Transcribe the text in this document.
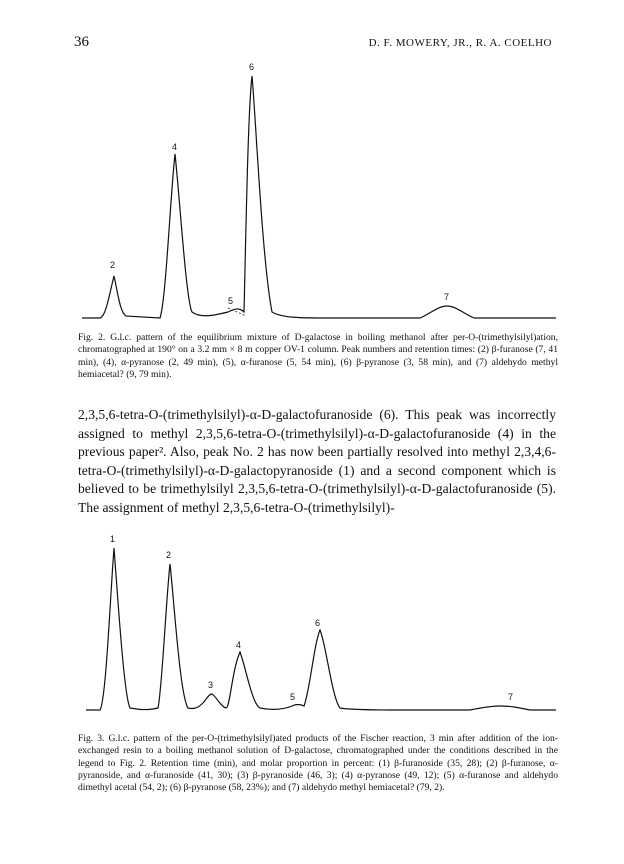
36	D. F. MOWERY, JR., R. A. COELHO
2
4
5
6
7
Fig. 2. G.l.c. pattern of the equilibrium mixture of D-galactose in boiling methanol after per-O-(trimethylsilyl)ation, chromatographed at 190° on a 3.2 mm × 8 m copper OV-1 column. Peak numbers and retention times: (2) β-furanose (7, 41 min), (4), α-pyranose (2, 49 min), (5), α-furanose (5, 54 min), (6) β-pyranose (3, 58 min), and (7) aldehydo methyl hemiacetal? (9, 79 min).

2,3,5,6-tetra-O-(trimethylsilyl)-α-D-galactofuranoside (6). This peak was incorrectly assigned to methyl 2,3,5,6-tetra-O-(trimethylsilyl)-α-D-galactofuranoside (4) in the previous paper². Also, peak No. 2 has now been partially resolved into methyl 2,3,4,6-tetra-O-(trimethylsilyl)-α-D-galactopyranoside (1) and a second component which is believed to be trimethylsilyl 2,3,5,6-tetra-O-(trimethylsilyl)-α-D-galactofuranoside (5). The assignment of methyl 2,3,5,6-tetra-O-(trimethylsilyl)-

1
2
3
4
5
6
7
Fig. 3. G.l.c. pattern of the per-O-(trimethylsilyl)ated products of the Fischer reaction, 3 min after addition of the ion-exchanged resin to a boiling methanol solution of D-galactose, chromatographed under the conditions described in the legend to Fig. 2. Retention time (min), and molar proportion in percent: (1) β-furanoside (35, 28); (2) β-furanose, α-pyranoside, and α-furanoside (41, 30); (3) β-pyranoside (46, 3); (4) α-pyranose (49, 12); (5) α-furanose and aldehydo dimethyl acetal (54, 2); (6) β-pyranose (58, 23%); and (7) aldehydo methyl hemiacetal? (79, 2).
